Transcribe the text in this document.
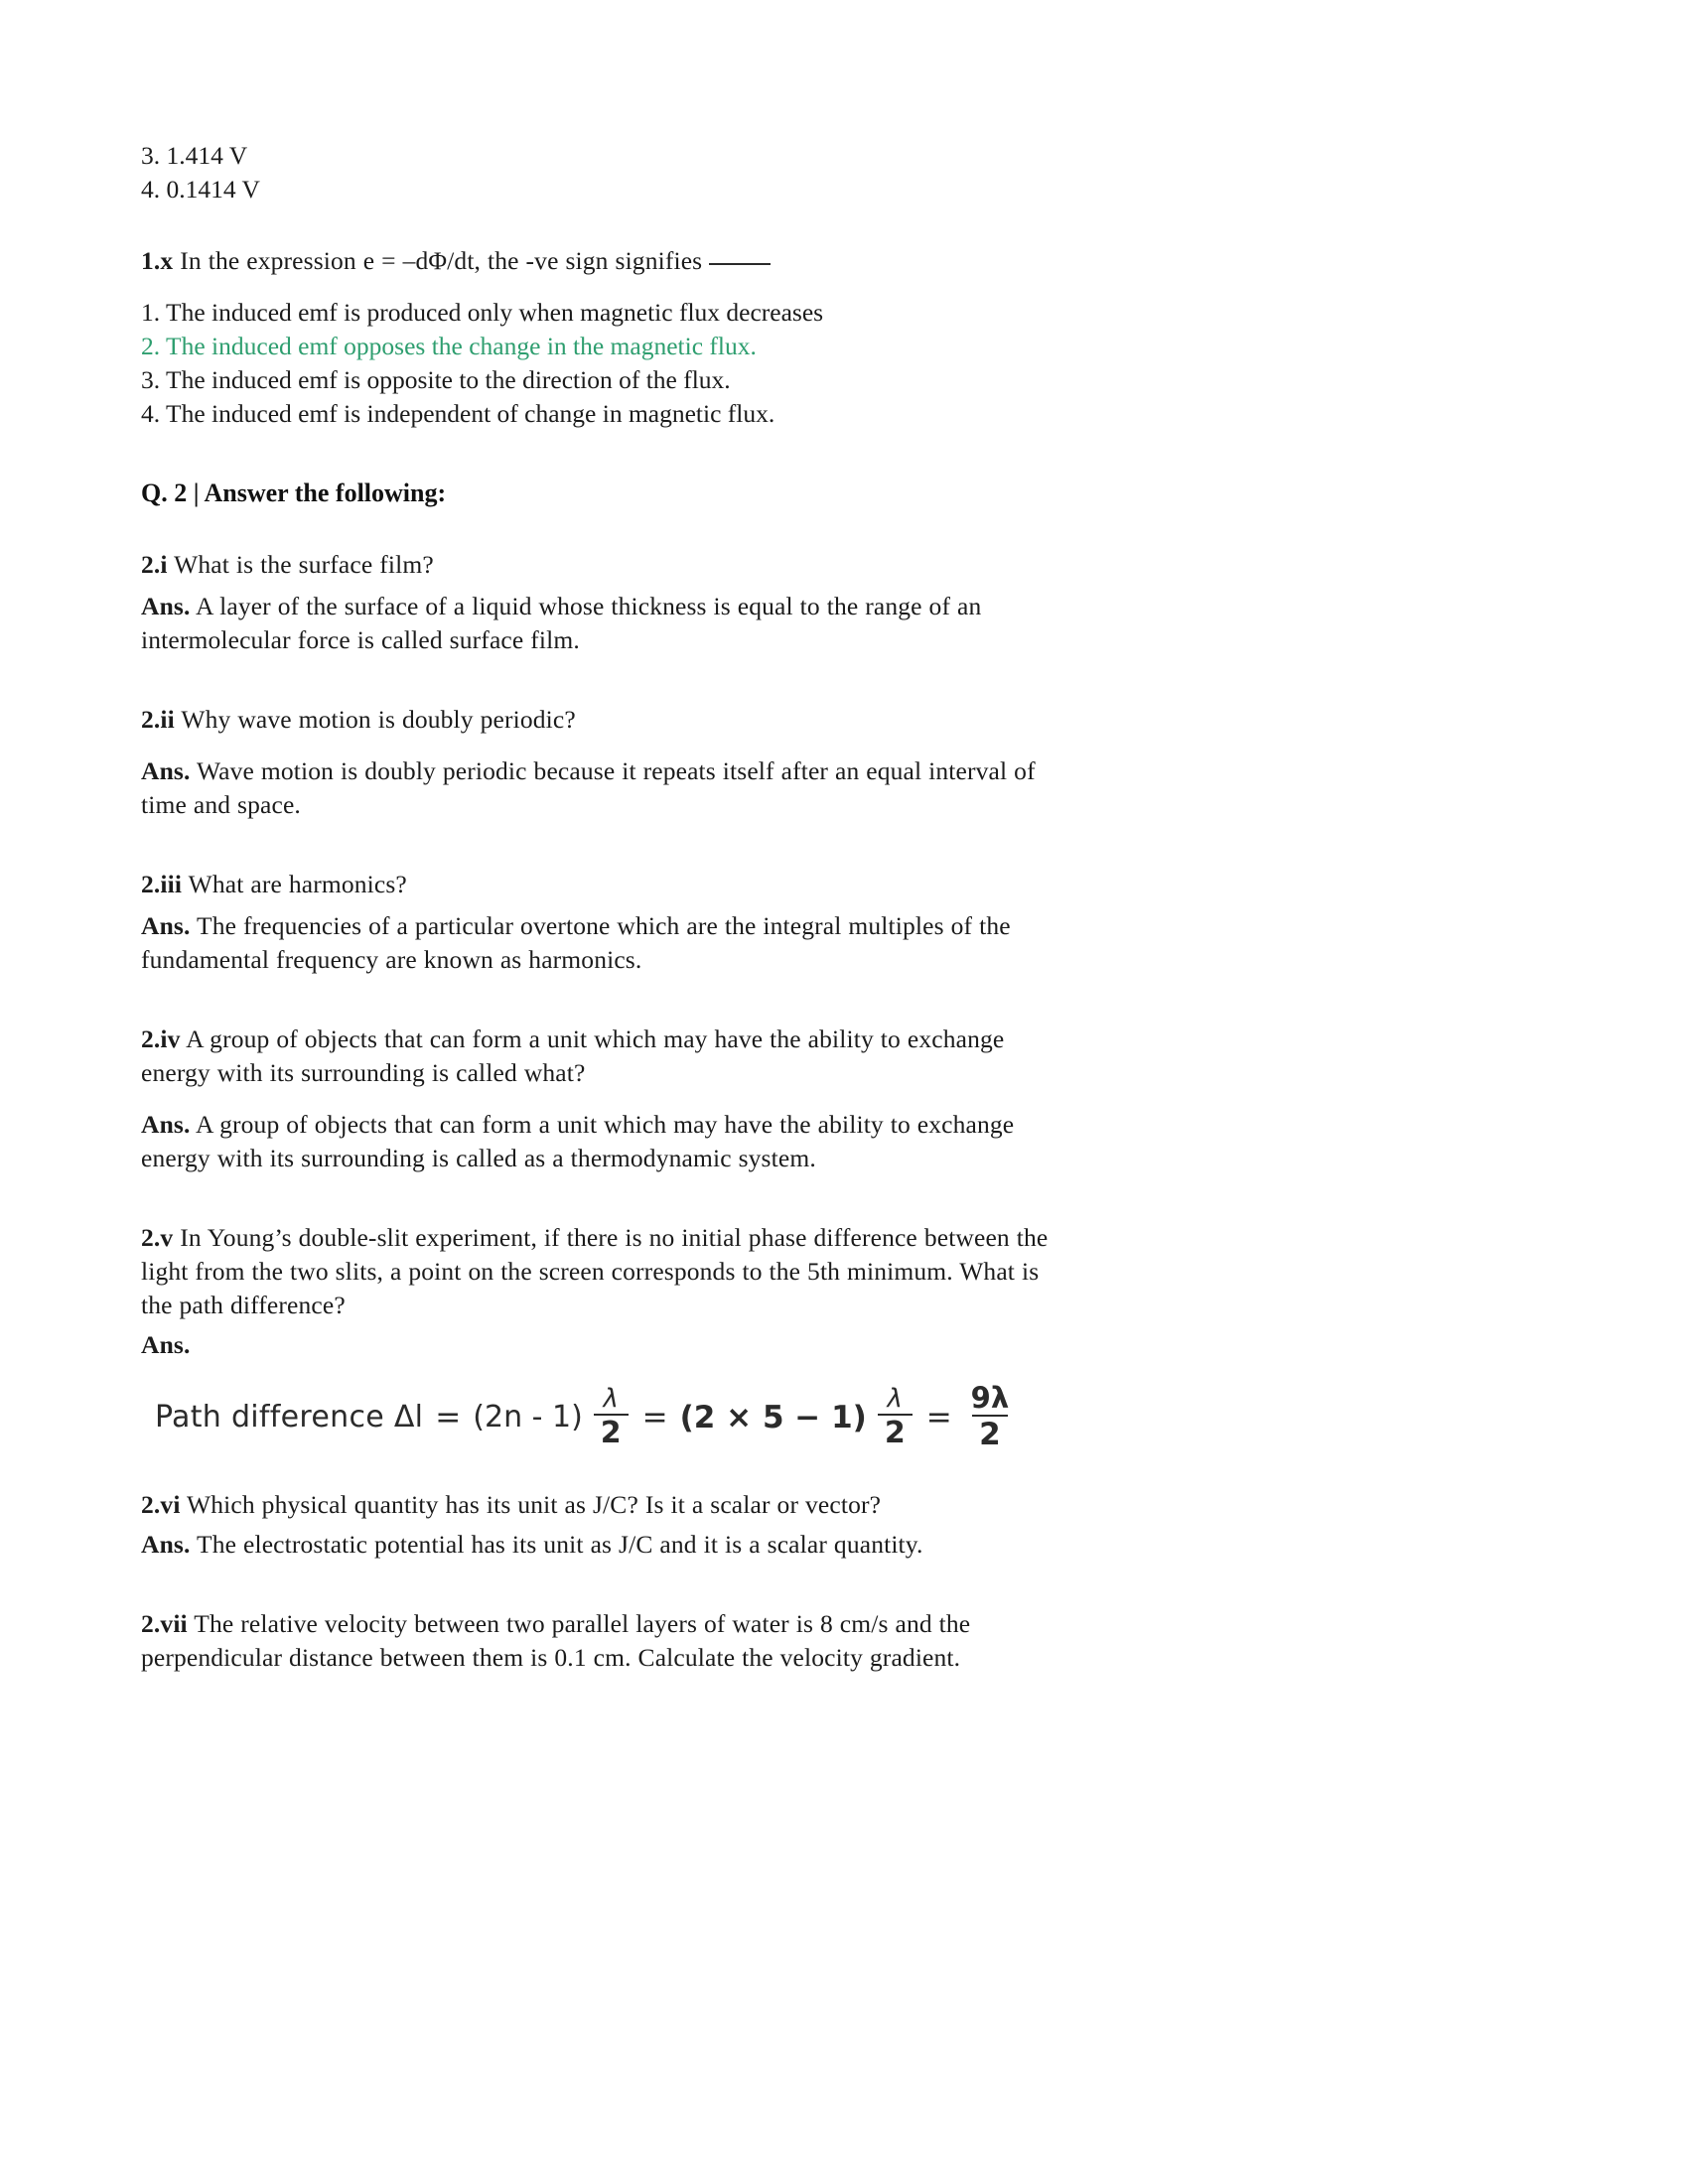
3. 1.414 V
4. 0.1414 V
1.x In the expression e = –dΦ/dt, the -ve sign signifies
1. The induced emf is produced only when magnetic flux decreases
2. The induced emf opposes the change in the magnetic flux.
3. The induced emf is opposite to the direction of the flux.
4. The induced emf is independent of change in magnetic flux.
Q. 2 | Answer the following:

2.i What is the surface film?

Ans. A layer of the surface of a liquid whose thickness is equal to the range of an intermolecular force is called surface film.

2.ii Why wave motion is doubly periodic?

Ans. Wave motion is doubly periodic because it repeats itself after an equal interval of time and space.

2.iii What are harmonics?

Ans. The frequencies of a particular overtone which are the integral multiples of the fundamental frequency are known as harmonics.

2.iv A group of objects that can form a unit which may have the ability to exchange energy with its surrounding is called what?

Ans. A group of objects that can form a unit which may have the ability to exchange energy with its surrounding is called as a thermodynamic system.

2.v In Young’s double-slit experiment, if there is no initial phase difference between the light from the two slits, a point on the screen corresponds to the 5th minimum. What is the path difference?

Ans.

Path difference $\Delta l = (2n - 1) \frac{\lambda}{2} = (2 \times 5 - 1) \frac{\lambda}{2} = \frac{9\lambda}{2}$

2.vi Which physical quantity has its unit as J/C? Is it a scalar or vector?

Ans. The electrostatic potential has its unit as J/C and it is a scalar quantity.

2.vii The relative velocity between two parallel layers of water is 8 cm/s and the perpendicular distance between them is 0.1 cm. Calculate the velocity gradient.
